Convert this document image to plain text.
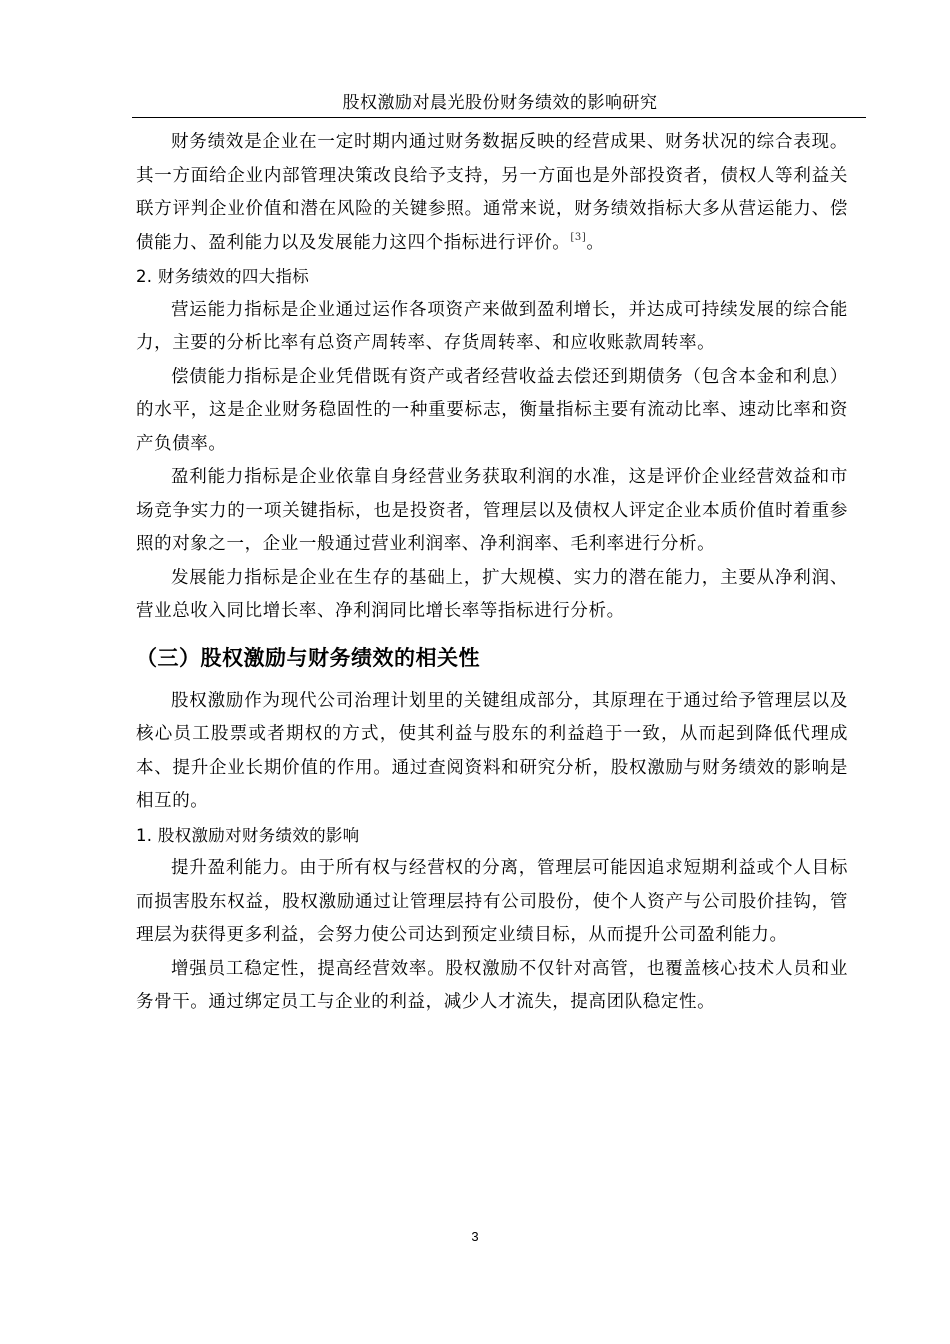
股权激励对晨光股份财务绩效的影响研究

财务绩效是企业在一定时期内通过财务数据反映的经营成果、财务状况的综合表现。其一方面给企业内部管理决策改良给予支持，另一方面也是外部投资者，债权人等利益关联方评判企业价值和潜在风险的关键参照。通常来说，财务绩效指标大多从营运能力、偿债能力、盈利能力以及发展能力这四个指标进行评价。[3]。

2. 财务绩效的四大指标

营运能力指标是企业通过运作各项资产来做到盈利增长，并达成可持续发展的综合能力，主要的分析比率有总资产周转率、存货周转率、和应收账款周转率。

偿债能力指标是企业凭借既有资产或者经营收益去偿还到期债务（包含本金和利息）的水平，这是企业财务稳固性的一种重要标志，衡量指标主要有流动比率、速动比率和资产负债率。

盈利能力指标是企业依靠自身经营业务获取利润的水准，这是评价企业经营效益和市场竞争实力的一项关键指标，也是投资者，管理层以及债权人评定企业本质价值时着重参照的对象之一，企业一般通过营业利润率、净利润率、毛利率进行分析。

发展能力指标是企业在生存的基础上，扩大规模、实力的潜在能力，主要从净利润、营业总收入同比增长率、净利润同比增长率等指标进行分析。

（三）股权激励与财务绩效的相关性

股权激励作为现代公司治理计划里的关键组成部分，其原理在于通过给予管理层以及核心员工股票或者期权的方式，使其利益与股东的利益趋于一致，从而起到降低代理成本、提升企业长期价值的作用。通过查阅资料和研究分析，股权激励与财务绩效的影响是相互的。

1. 股权激励对财务绩效的影响

提升盈利能力。由于所有权与经营权的分离，管理层可能因追求短期利益或个人目标而损害股东权益，股权激励通过让管理层持有公司股份，使个人资产与公司股价挂钩，管理层为获得更多利益，会努力使公司达到预定业绩目标，从而提升公司盈利能力。

增强员工稳定性，提高经营效率。股权激励不仅针对高管，也覆盖核心技术人员和业务骨干。通过绑定员工与企业的利益，减少人才流失，提高团队稳定性。

3
